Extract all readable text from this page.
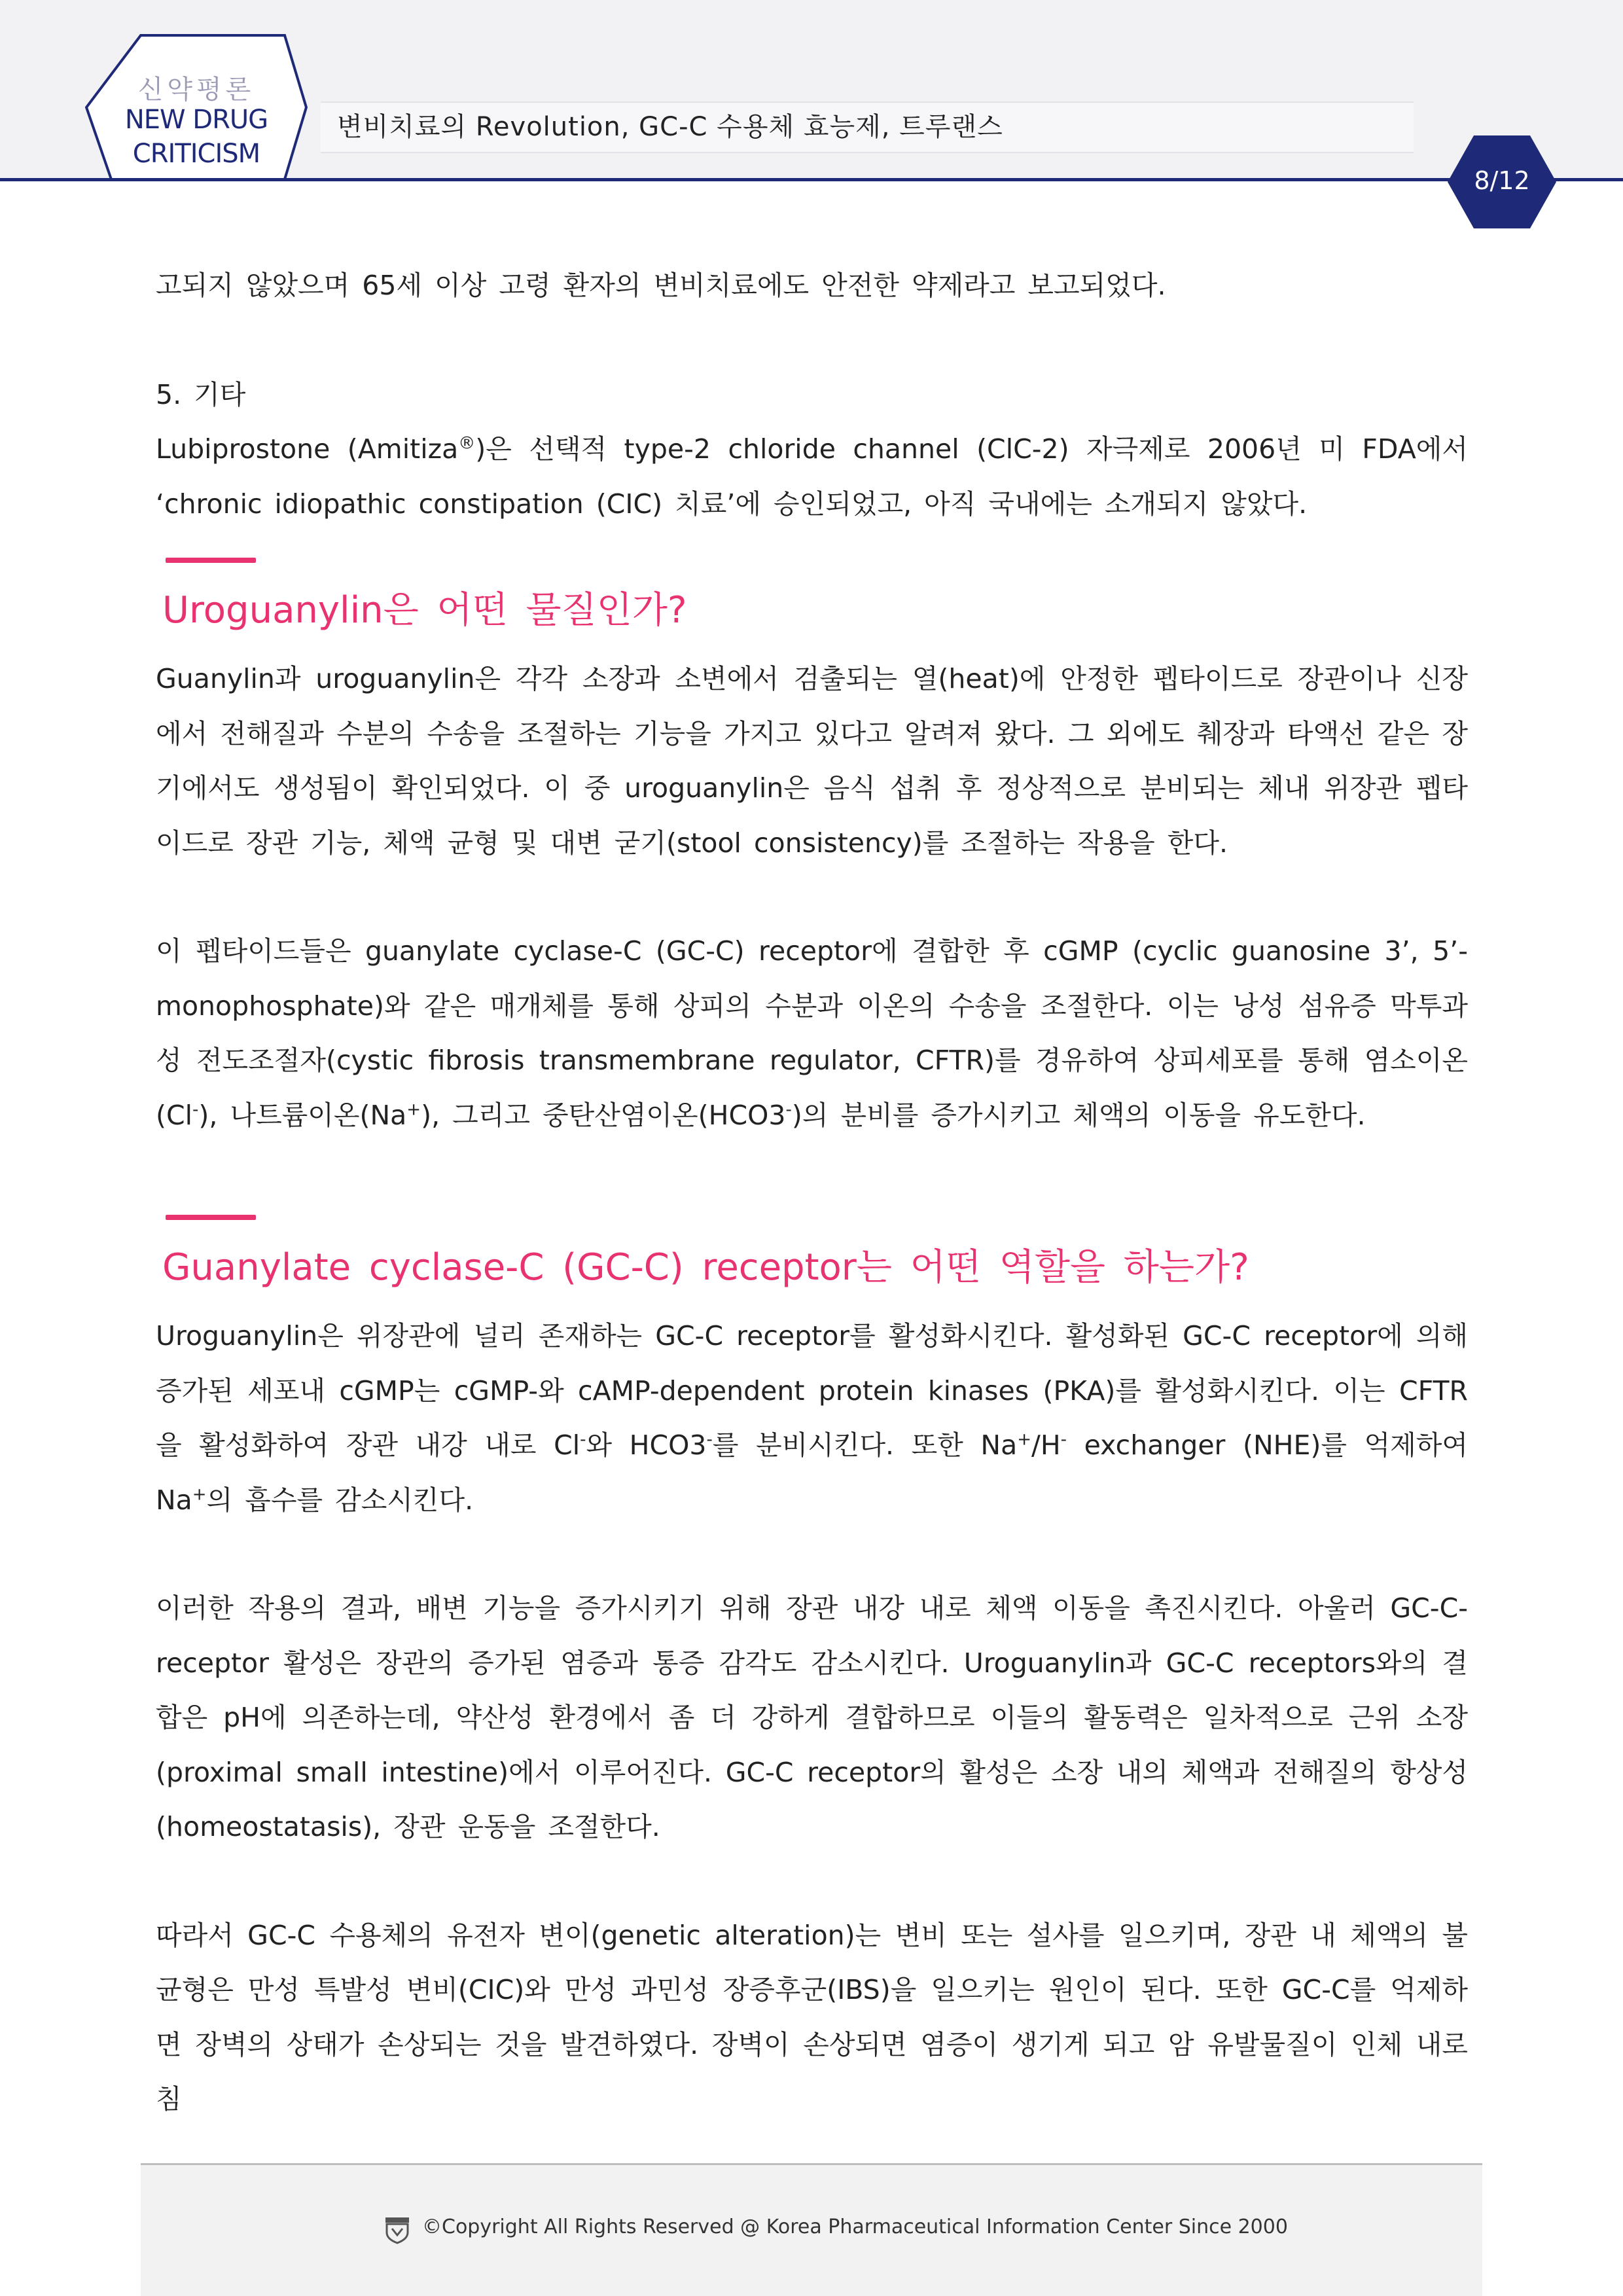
신약평론
NEW DRUG
CRITICISM
변비치료의 Revolution, GC-C 수용체 효능제, 트루랜스
8/12

고되지 않았으며 65세 이상 고령 환자의 변비치료에도 안전한 약제라고 보고되었다.

5. 기타

Lubiprostone (Amitiza®)은 선택적 type-2 chloride channel (ClC-2) 자극제로 2006년 미 FDA에서 ‘chronic idiopathic constipation (CIC) 치료’에 승인되었고, 아직 국내에는 소개되지 않았다.

Uroguanylin은 어떤 물질인가?

Guanylin과 uroguanylin은 각각 소장과 소변에서 검출되는 열(heat)에 안정한 펩타이드로 장관이나 신장에서 전해질과 수분의 수송을 조절하는 기능을 가지고 있다고 알려져 왔다. 그 외에도 췌장과 타액선 같은 장기에서도 생성됨이 확인되었다. 이 중 uroguanylin은 음식 섭취 후 정상적으로 분비되는 체내 위장관 펩타이드로 장관 기능, 체액 균형 및 대변 굳기(stool consistency)를 조절하는 작용을 한다.

이 펩타이드들은 guanylate cyclase-C (GC-C) receptor에 결합한 후 cGMP (cyclic guanosine 3’, 5’-monophosphate)와 같은 매개체를 통해 상피의 수분과 이온의 수송을 조절한다. 이는 낭성 섬유증 막투과성 전도조절자(cystic fibrosis transmembrane regulator, CFTR)를 경유하여 상피세포를 통해 염소이온(Cl-), 나트륨이온(Na+), 그리고 중탄산염이온(HCO3-)의 분비를 증가시키고 체액의 이동을 유도한다.

Guanylate cyclase-C (GC-C) receptor는 어떤 역할을 하는가?

Uroguanylin은 위장관에 널리 존재하는 GC-C receptor를 활성화시킨다. 활성화된 GC-C receptor에 의해 증가된 세포내 cGMP는 cGMP-와 cAMP-dependent protein kinases (PKA)를 활성화시킨다. 이는 CFTR을 활성화하여 장관 내강 내로 Cl-와 HCO3-를 분비시킨다. 또한 Na+/H- exchanger (NHE)를 억제하여 Na+의 흡수를 감소시킨다.

이러한 작용의 결과, 배변 기능을 증가시키기 위해 장관 내강 내로 체액 이동을 촉진시킨다. 아울러 GC-C-receptor 활성은 장관의 증가된 염증과 통증 감각도 감소시킨다. Uroguanylin과 GC-C receptors와의 결합은 pH에 의존하는데, 약산성 환경에서 좀 더 강하게 결합하므로 이들의 활동력은 일차적으로 근위 소장(proximal small intestine)에서 이루어진다. GC-C receptor의 활성은 소장 내의 체액과 전해질의 항상성(homeostatasis), 장관 운동을 조절한다.

따라서 GC-C 수용체의 유전자 변이(genetic alteration)는 변비 또는 설사를 일으키며, 장관 내 체액의 불균형은 만성 특발성 변비(CIC)와 만성 과민성 장증후군(IBS)을 일으키는 원인이 된다. 또한 GC-C를 억제하면 장벽의 상태가 손상되는 것을 발견하였다. 장벽이 손상되면 염증이 생기게 되고 암 유발물질이 인체 내로 침

©Copyright All Rights Reserved @ Korea Pharmaceutical Information Center Since 2000
